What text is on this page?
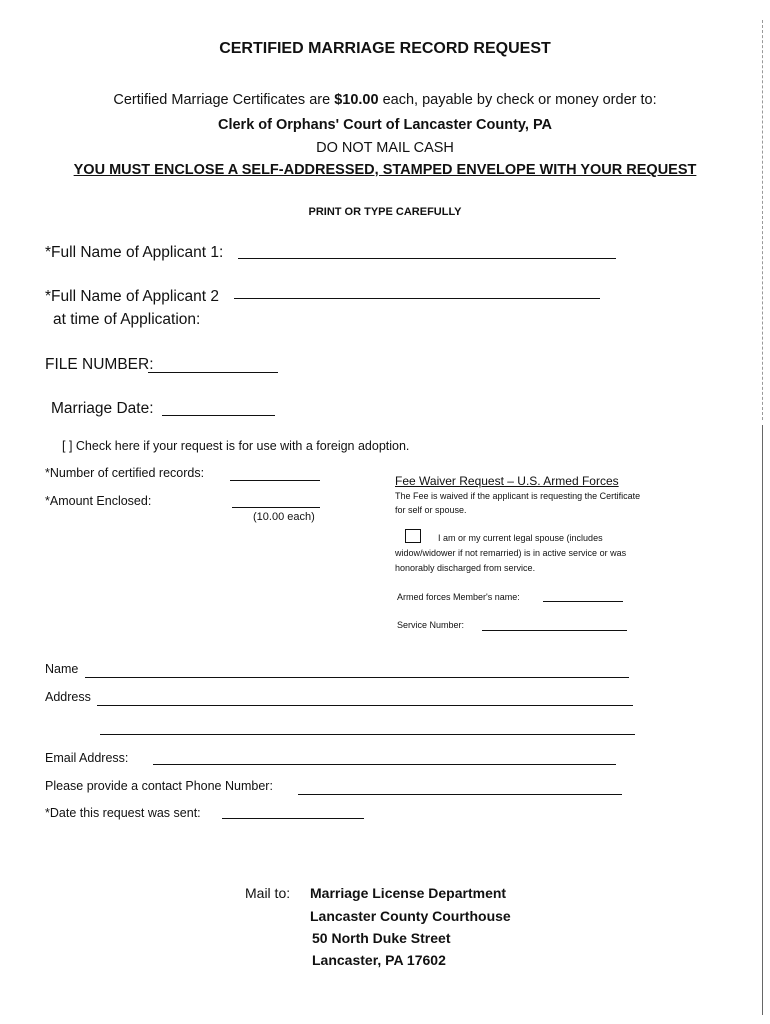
CERTIFIED MARRIAGE RECORD REQUEST
Certified Marriage Certificates are $10.00 each, payable by check or money order to:
Clerk of Orphans' Court of Lancaster County, PA
DO NOT MAIL CASH
YOU MUST ENCLOSE A SELF-ADDRESSED, STAMPED ENVELOPE WITH YOUR REQUEST
PRINT OR TYPE CAREFULLY
*Full Name of Applicant 1:
*Full Name of Applicant 2
at time of Application:
FILE NUMBER:
Marriage Date:
[ ] Check here if your request is for use with a foreign adoption.
*Number of certified records:
*Amount Enclosed:
(10.00 each)
Fee Waiver Request – U.S. Armed Forces
The Fee is waived if the applicant is requesting the Certificate
for self or spouse.
I am or my current legal spouse (includes
widow/widower if not remarried) is in active service or was
honorably discharged from service.
Armed forces Member's name:
Service Number:
Name
Address
Email Address:
Please provide a contact Phone Number:
*Date this request was sent:
Mail to: Marriage License Department
Lancaster County Courthouse
50 North Duke Street
Lancaster, PA 17602
